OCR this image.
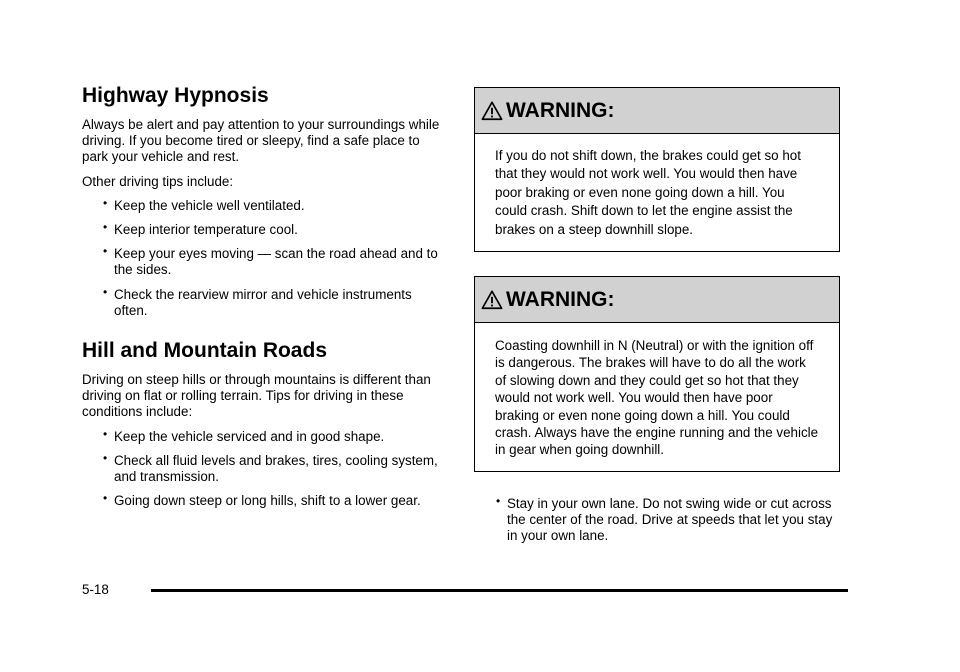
Highway Hypnosis

Always be alert and pay attention to your surroundings while driving. If you become tired or sleepy, find a safe place to park your vehicle and rest.

Other driving tips include:

• Keep the vehicle well ventilated.
• Keep interior temperature cool.
• Keep your eyes moving — scan the road ahead and to the sides.
• Check the rearview mirror and vehicle instruments often.
Hill and Mountain Roads

Driving on steep hills or through mountains is different than driving on flat or rolling terrain. Tips for driving in these conditions include:

• Keep the vehicle serviced and in good shape.
• Check all fluid levels and brakes, tires, cooling system, and transmission.
• Going down steep or long hills, shift to a lower gear.
WARNING:
If you do not shift down, the brakes could get so hot that they would not work well. You would then have poor braking or even none going down a hill. You could crash. Shift down to let the engine assist the brakes on a steep downhill slope.
WARNING:
Coasting downhill in N (Neutral) or with the ignition off is dangerous. The brakes will have to do all the work of slowing down and they could get so hot that they would not work well. You would then have poor braking or even none going down a hill. You could crash. Always have the engine running and the vehicle in gear when going downhill.
• Stay in your own lane. Do not swing wide or cut across the center of the road. Drive at speeds that let you stay in your own lane.
5-18
